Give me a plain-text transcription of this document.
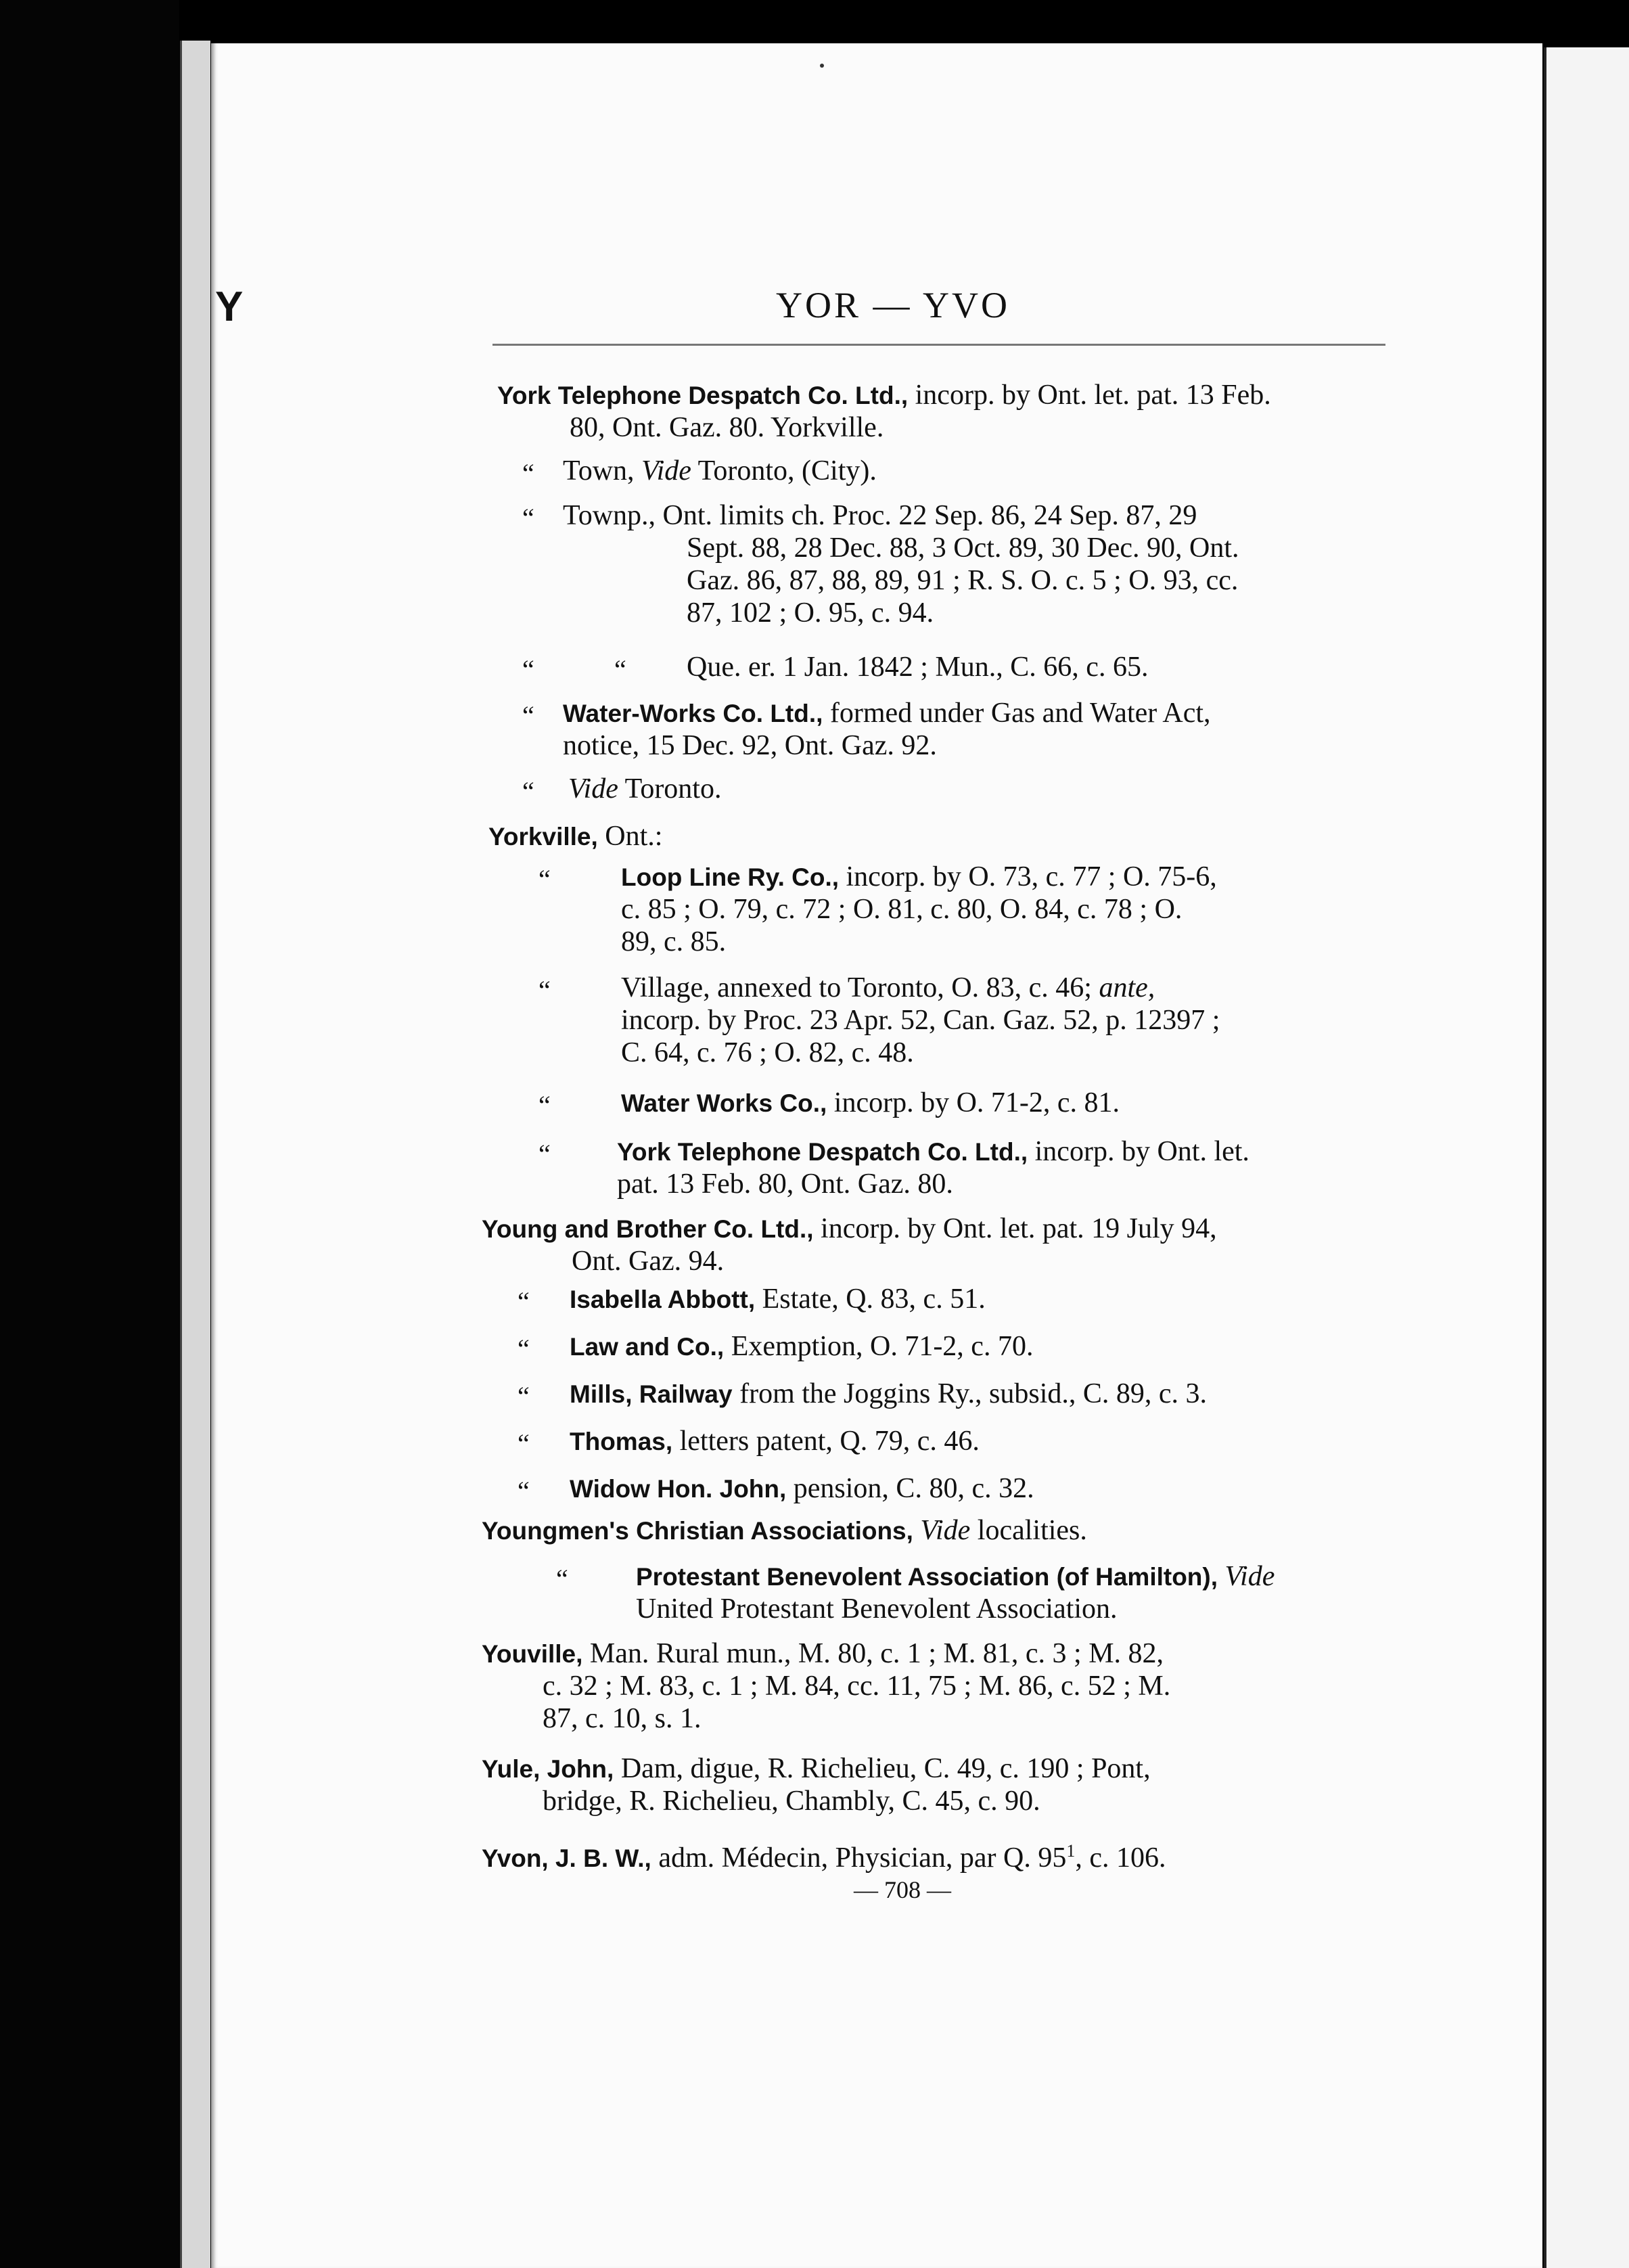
Y	YOR — YVO
York Telephone Despatch Co. Ltd., incorp. by Ont. let. pat. 13 Feb.
80, Ont. Gaz. 80. Yorkville.
“ Town, Vide Toronto, (City).
“ Townp., Ont. limits ch. Proc. 22 Sep. 86, 24 Sep. 87, 29
Sept. 88, 28 Dec. 88, 3 Oct. 89, 30 Dec. 90, Ont.
Gaz. 86, 87, 88, 89, 91 ; R. S. O. c. 5 ; O. 93, cc.
87, 102 ; O. 95, c. 94.
“	“ Que. er. 1 Jan. 1842 ; Mun., C. 66, c. 65.
“ Water-Works Co. Ltd., formed under Gas and Water Act,
notice, 15 Dec. 92, Ont. Gaz. 92.
“ Vide Toronto.
Yorkville, Ont.:
“	Loop Line Ry. Co., incorp. by O. 73, c. 77 ; O. 75-6,
c. 85 ; O. 79, c. 72 ; O. 81, c. 80, O. 84, c. 78 ; O.
89, c. 85.
“ Village, annexed to Toronto, O. 83, c. 46; ante,
incorp. by Proc. 23 Apr. 52, Can. Gaz. 52, p. 12397 ;
C. 64, c. 76 ; O. 82, c. 48.
“	Water Works Co., incorp. by O. 71-2, c. 81.
“	York Telephone Despatch Co. Ltd., incorp. by Ont. let.
pat. 13 Feb. 80, Ont. Gaz. 80.
Young and Brother Co. Ltd., incorp. by Ont. let. pat. 19 July 94,
Ont. Gaz. 94.
“ Isabella Abbott, Estate, Q. 83, c. 51.
“ Law and Co., Exemption, O. 71-2, c. 70.
“ Mills, Railway from the Joggins Ry., subsid., C. 89, c. 3.
“ Thomas, letters patent, Q. 79, c. 46.
“ Widow Hon. John, pension, C. 80, c. 32.
Youngmen's Christian Associations, Vide localities.
“	Protestant Benevolent Association (of Hamilton), Vide
United Protestant Benevolent Association.
Youville, Man. Rural mun., M. 80, c. 1 ; M. 81, c. 3 ; M. 82,
c. 32 ; M. 83, c. 1 ; M. 84, cc. 11, 75 ; M. 86, c. 52 ; M.
87, c. 10, s. 1.
Yule, John, Dam, digue, R. Richelieu, C. 49, c. 190 ; Pont,
bridge, R. Richelieu, Chambly, C. 45, c. 90.
Yvon, J. B. W., adm. Médecin, Physician, par Q. $95^1$, c. 106.
— 708 —
